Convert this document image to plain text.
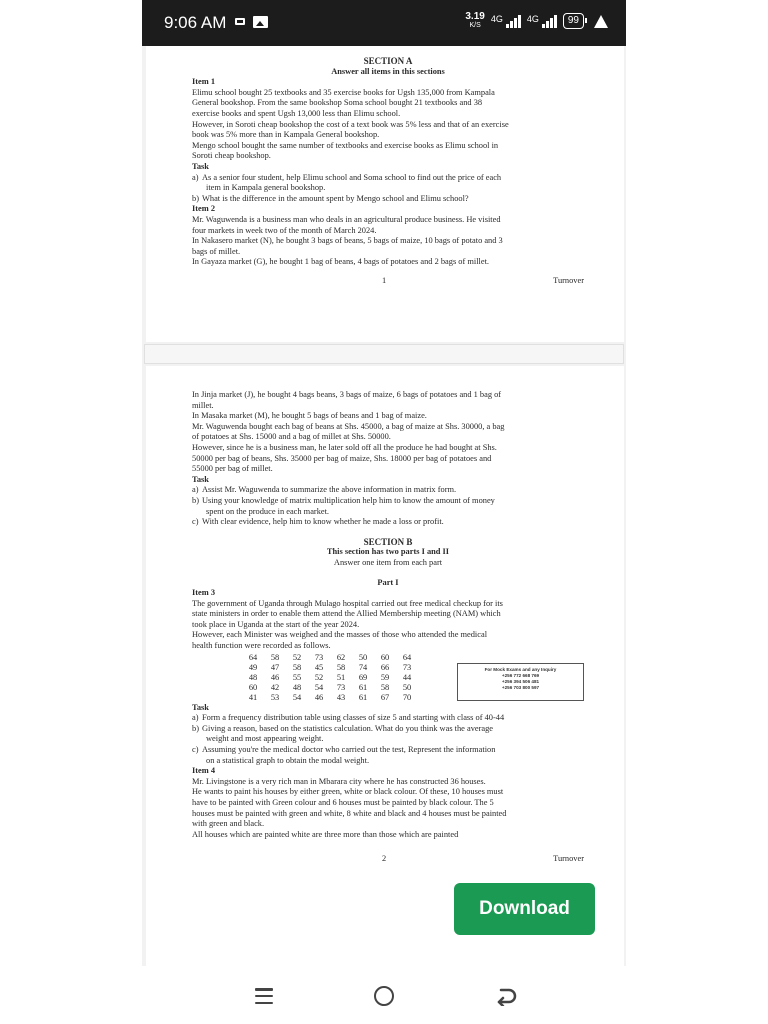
9:06 AM	3.19
K/S
4G	4G	99

SECTION A

Answer all items in this sections

Item 1

Elimu school bought 25 textbooks and 35 exercise books for Ugsh 135,000 from Kampala

General bookshop. From the same bookshop Soma school bought 21 textbooks and 38

exercise books and spent Ugsh 13,000 less than Elimu school.

However, in Soroti cheap bookshop the cost of a text book was 5% less and that of an exercise

book was 5% more than in Kampala General bookshop.

Mengo school bought the same number of textbooks and exercise books as Elimu school in

Soroti cheap bookshop.

Task

a) As a senior four student, help Elimu school and Soma school to find out the price of each

item in Kampala general bookshop.

b) What is the difference in the amount spent by Mengo school and Elimu school?

Item 2

Mr. Waguwenda is a business man who deals in an agricultural produce business. He visited

four markets in week two of the month of March 2024.

In Nakasero market (N), he bought 3 bags of beans, 5 bags of maize, 10 bags of potato and 3

bags of millet.

In Gayaza market (G), he bought 1 bag of beans, 4 bags of potatoes and 2 bags of millet.

1	Turnover

In Jinja market (J), he bought 4 bags beans, 3 bags of maize, 6 bags of potatoes and 1 bag of

millet.

In Masaka market (M), he bought 5 bags of beans and 1 bag of maize.

Mr. Waguwenda bought each bag of beans at Shs. 45000, a bag of maize at Shs. 30000, a bag

of potatoes at Shs. 15000 and a bag of millet at Shs. 50000.

However, since he is a business man, he later sold off all the produce he had bought at Shs.

50000 per bag of beans, Shs. 35000 per bag of maize, Shs. 18000 per bag of potatoes and

55000 per bag of millet.

Task

a) Assist Mr. Waguwenda to summarize the above information in matrix form.

b) Using your knowledge of matrix multiplication help him to know the amount of money

spent on the produce in each market.

c) With clear evidence, help him to know whether he made a loss or profit.

SECTION B

This section has two parts I and II

Answer one item from each part

Part I

Item 3

The government of Uganda through Mulago hospital carried out free medical checkup for its

state ministers in order to enable them attend the Allied Membership meeting (NAM) which

took place in Uganda at the start of the year 2024.

However, each Minister was weighed and the masses of those who attended the medical

health function were recorded as follows.

64	58	52	73	62	50	60	64
49	47	58	45	58	74	66	73
48	46	55	52	51	69	59	44
60	42	48	54	73	61	58	50
41	53	54	46	43	61	67	70
For Mock Exams and any Inquiry
+256 772 668 769
+256 394 506 481
+256 703 800 597

Task

a) Form a frequency distribution table using classes of size 5 and starting with class of 40-44

b) Giving a reason, based on the statistics calculation. What do you think was the average

weight and most appearing weight.

c) Assuming you're the medical doctor who carried out the test, Represent the information

on a statistical graph to obtain the modal weight.

Item 4

Mr. Livingstone is a very rich man in Mbarara city where he has constructed 36 houses.

He wants to paint his houses by either green, white or black colour. Of these, 10 houses must

have to be painted with Green colour and 6 houses must be painted by black colour. The 5

houses must be painted with green and white, 8 white and black and 4 houses must be painted

with green and black.

All houses which are painted white are three more than those which are painted

2	Turnover
Download
